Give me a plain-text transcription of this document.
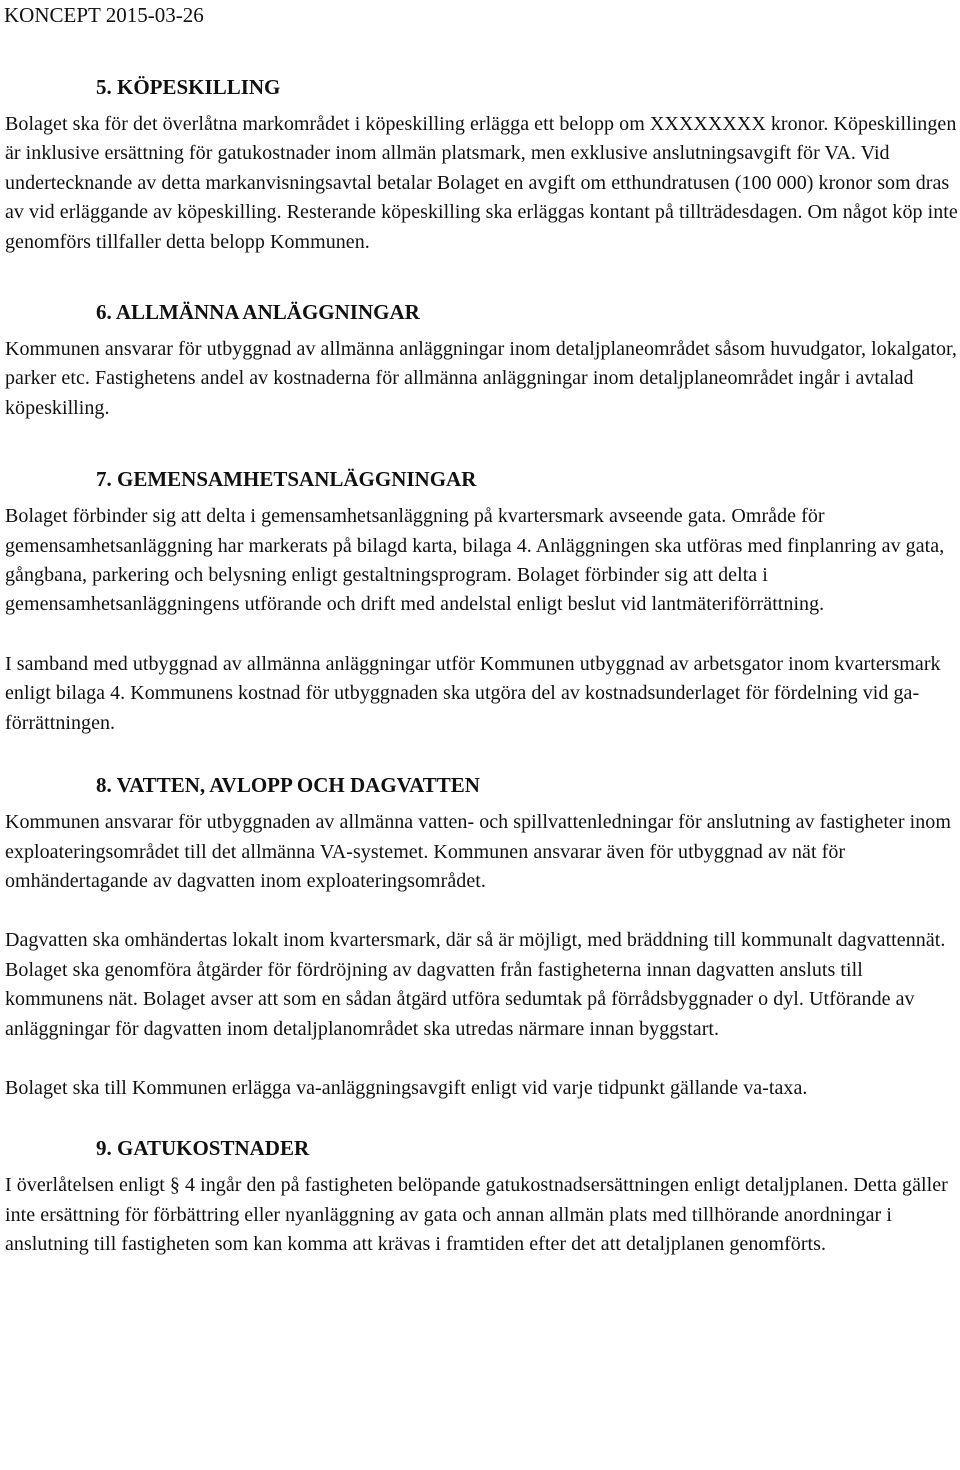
KONCEPT 2015-03-26
5. KÖPESKILLING

Bolaget ska för det överlåtna markområdet i köpeskilling erlägga ett belopp om XXXXXXXX kronor. Köpeskillingen är inklusive ersättning för gatukostnader inom allmän platsmark, men exklusive anslutningsavgift för VA. Vid undertecknande av detta markanvisningsavtal betalar Bolaget en avgift om etthundratusen (100 000) kronor som dras av vid erläggande av köpeskilling. Resterande köpeskilling ska erläggas kontant på tillträdesdagen. Om något köp inte genomförs tillfaller detta belopp Kommunen.

6. ALLMÄNNA ANLÄGGNINGAR

Kommunen ansvarar för utbyggnad av allmänna anläggningar inom detaljplaneområdet såsom huvudgator, lokalgator, parker etc. Fastighetens andel av kostnaderna för allmänna anläggningar inom detaljplaneområdet ingår i avtalad köpeskilling.

7. GEMENSAMHETSANLÄGGNINGAR

Bolaget förbinder sig att delta i gemensamhetsanläggning på kvartersmark avseende gata. Område för gemensamhetsanläggning har markerats på bilagd karta, bilaga 4. Anläggningen ska utföras med finplanring av gata, gångbana, parkering och belysning enligt gestaltningsprogram. Bolaget förbinder sig att delta i gemensamhetsanläggningens utförande och drift med andelstal enligt beslut vid lantmäteriförrättning.

I samband med utbyggnad av allmänna anläggningar utför Kommunen utbyggnad av arbetsgator inom kvartersmark enligt bilaga 4. Kommunens kostnad för utbyggnaden ska utgöra del av kostnadsunderlaget för fördelning vid ga-förrättningen.

8. VATTEN, AVLOPP OCH DAGVATTEN

Kommunen ansvarar för utbyggnaden av allmänna vatten- och spillvattenledningar för anslutning av fastigheter inom exploateringsområdet till det allmänna VA-systemet. Kommunen ansvarar även för utbyggnad av nät för omhändertagande av dagvatten inom exploateringsområdet.

Dagvatten ska omhändertas lokalt inom kvartersmark, där så är möjligt, med bräddning till kommunalt dagvattennät. Bolaget ska genomföra åtgärder för fördröjning av dagvatten från fastigheterna innan dagvatten ansluts till kommunens nät. Bolaget avser att som en sådan åtgärd utföra sedumtak på förrådsbyggnader o dyl. Utförande av anläggningar för dagvatten inom detaljplanområdet ska utredas närmare innan byggstart.

Bolaget ska till Kommunen erlägga va-anläggningsavgift enligt vid varje tidpunkt gällande va-taxa.

9. GATUKOSTNADER

I överlåtelsen enligt § 4 ingår den på fastigheten belöpande gatukostnadsersättningen enligt detaljplanen. Detta gäller inte ersättning för förbättring eller nyanläggning av gata och annan allmän plats med tillhörande anordningar i anslutning till fastigheten som kan komma att krävas i framtiden efter det att detaljplanen genomförts.
